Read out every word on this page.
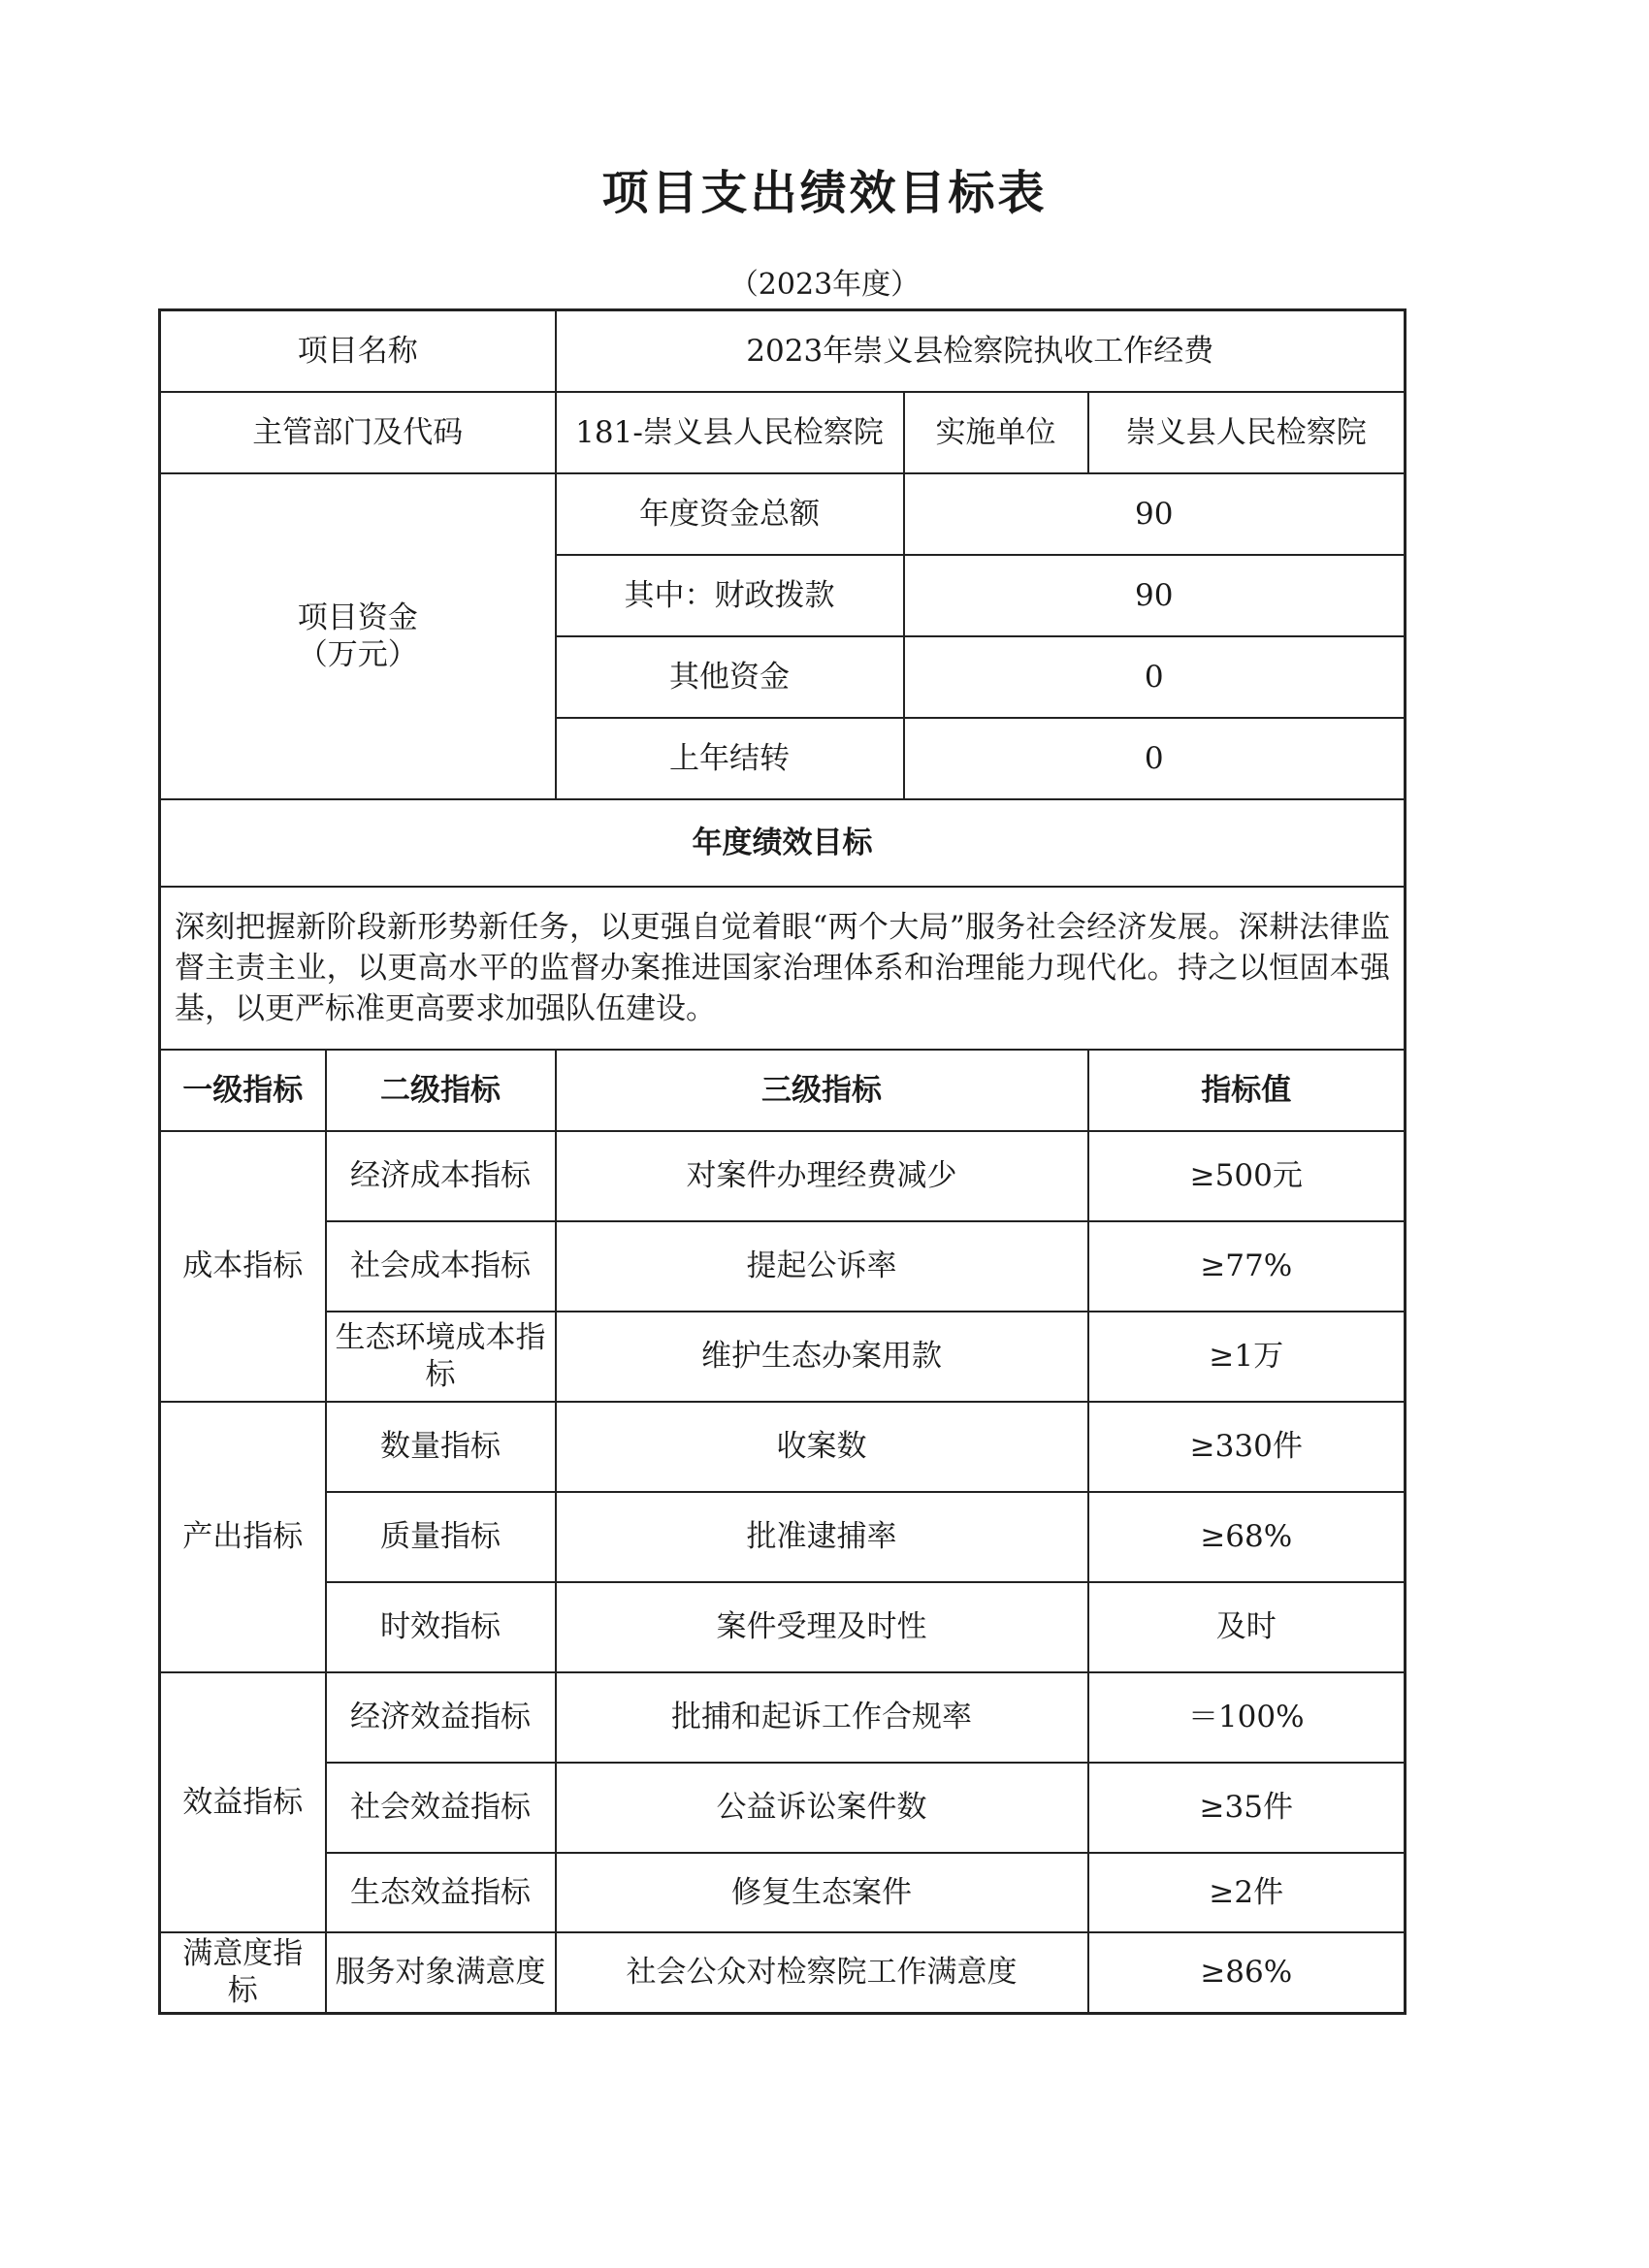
项目支出绩效目标表
（2023年度）
项目名称		2023年崇义县检察院执收工作经费		
主管部门及代码		181-崇义县人民检察院	实施单位	崇义县人民检察院

项目资金
（万元）		年度资金总额	90	
		其中：财政拨款	90	
		其他资金	0	
		上年结转	0	
年度绩效目标				
深刻把握新阶段新形势新任务，以更强自觉着眼“两个大局”服务社会经济发展。深耕法律监督主责主业，以更高水平的监督办案推进国家治理体系和治理能力现代化。持之以恒固本强基，以更严标准更高要求加强队伍建设。				
一级指标	二级指标	三级指标		指标值
成本指标	经济成本指标	对案件办理经费减少		≥500元
	社会成本指标	提起公诉率		≥77%
	生态环境成本指标	维护生态办案用款		≥1万
产出指标	数量指标	收案数		≥330件
	质量指标	批准逮捕率		≥68%
	时效指标	案件受理及时性		及时
效益指标	经济效益指标	批捕和起诉工作合规率		＝100%
	社会效益指标	公益诉讼案件数		≥35件
	生态效益指标	修复生态案件		≥2件
满意度指标	服务对象满意度	社会公众对检察院工作满意度		≥86%
